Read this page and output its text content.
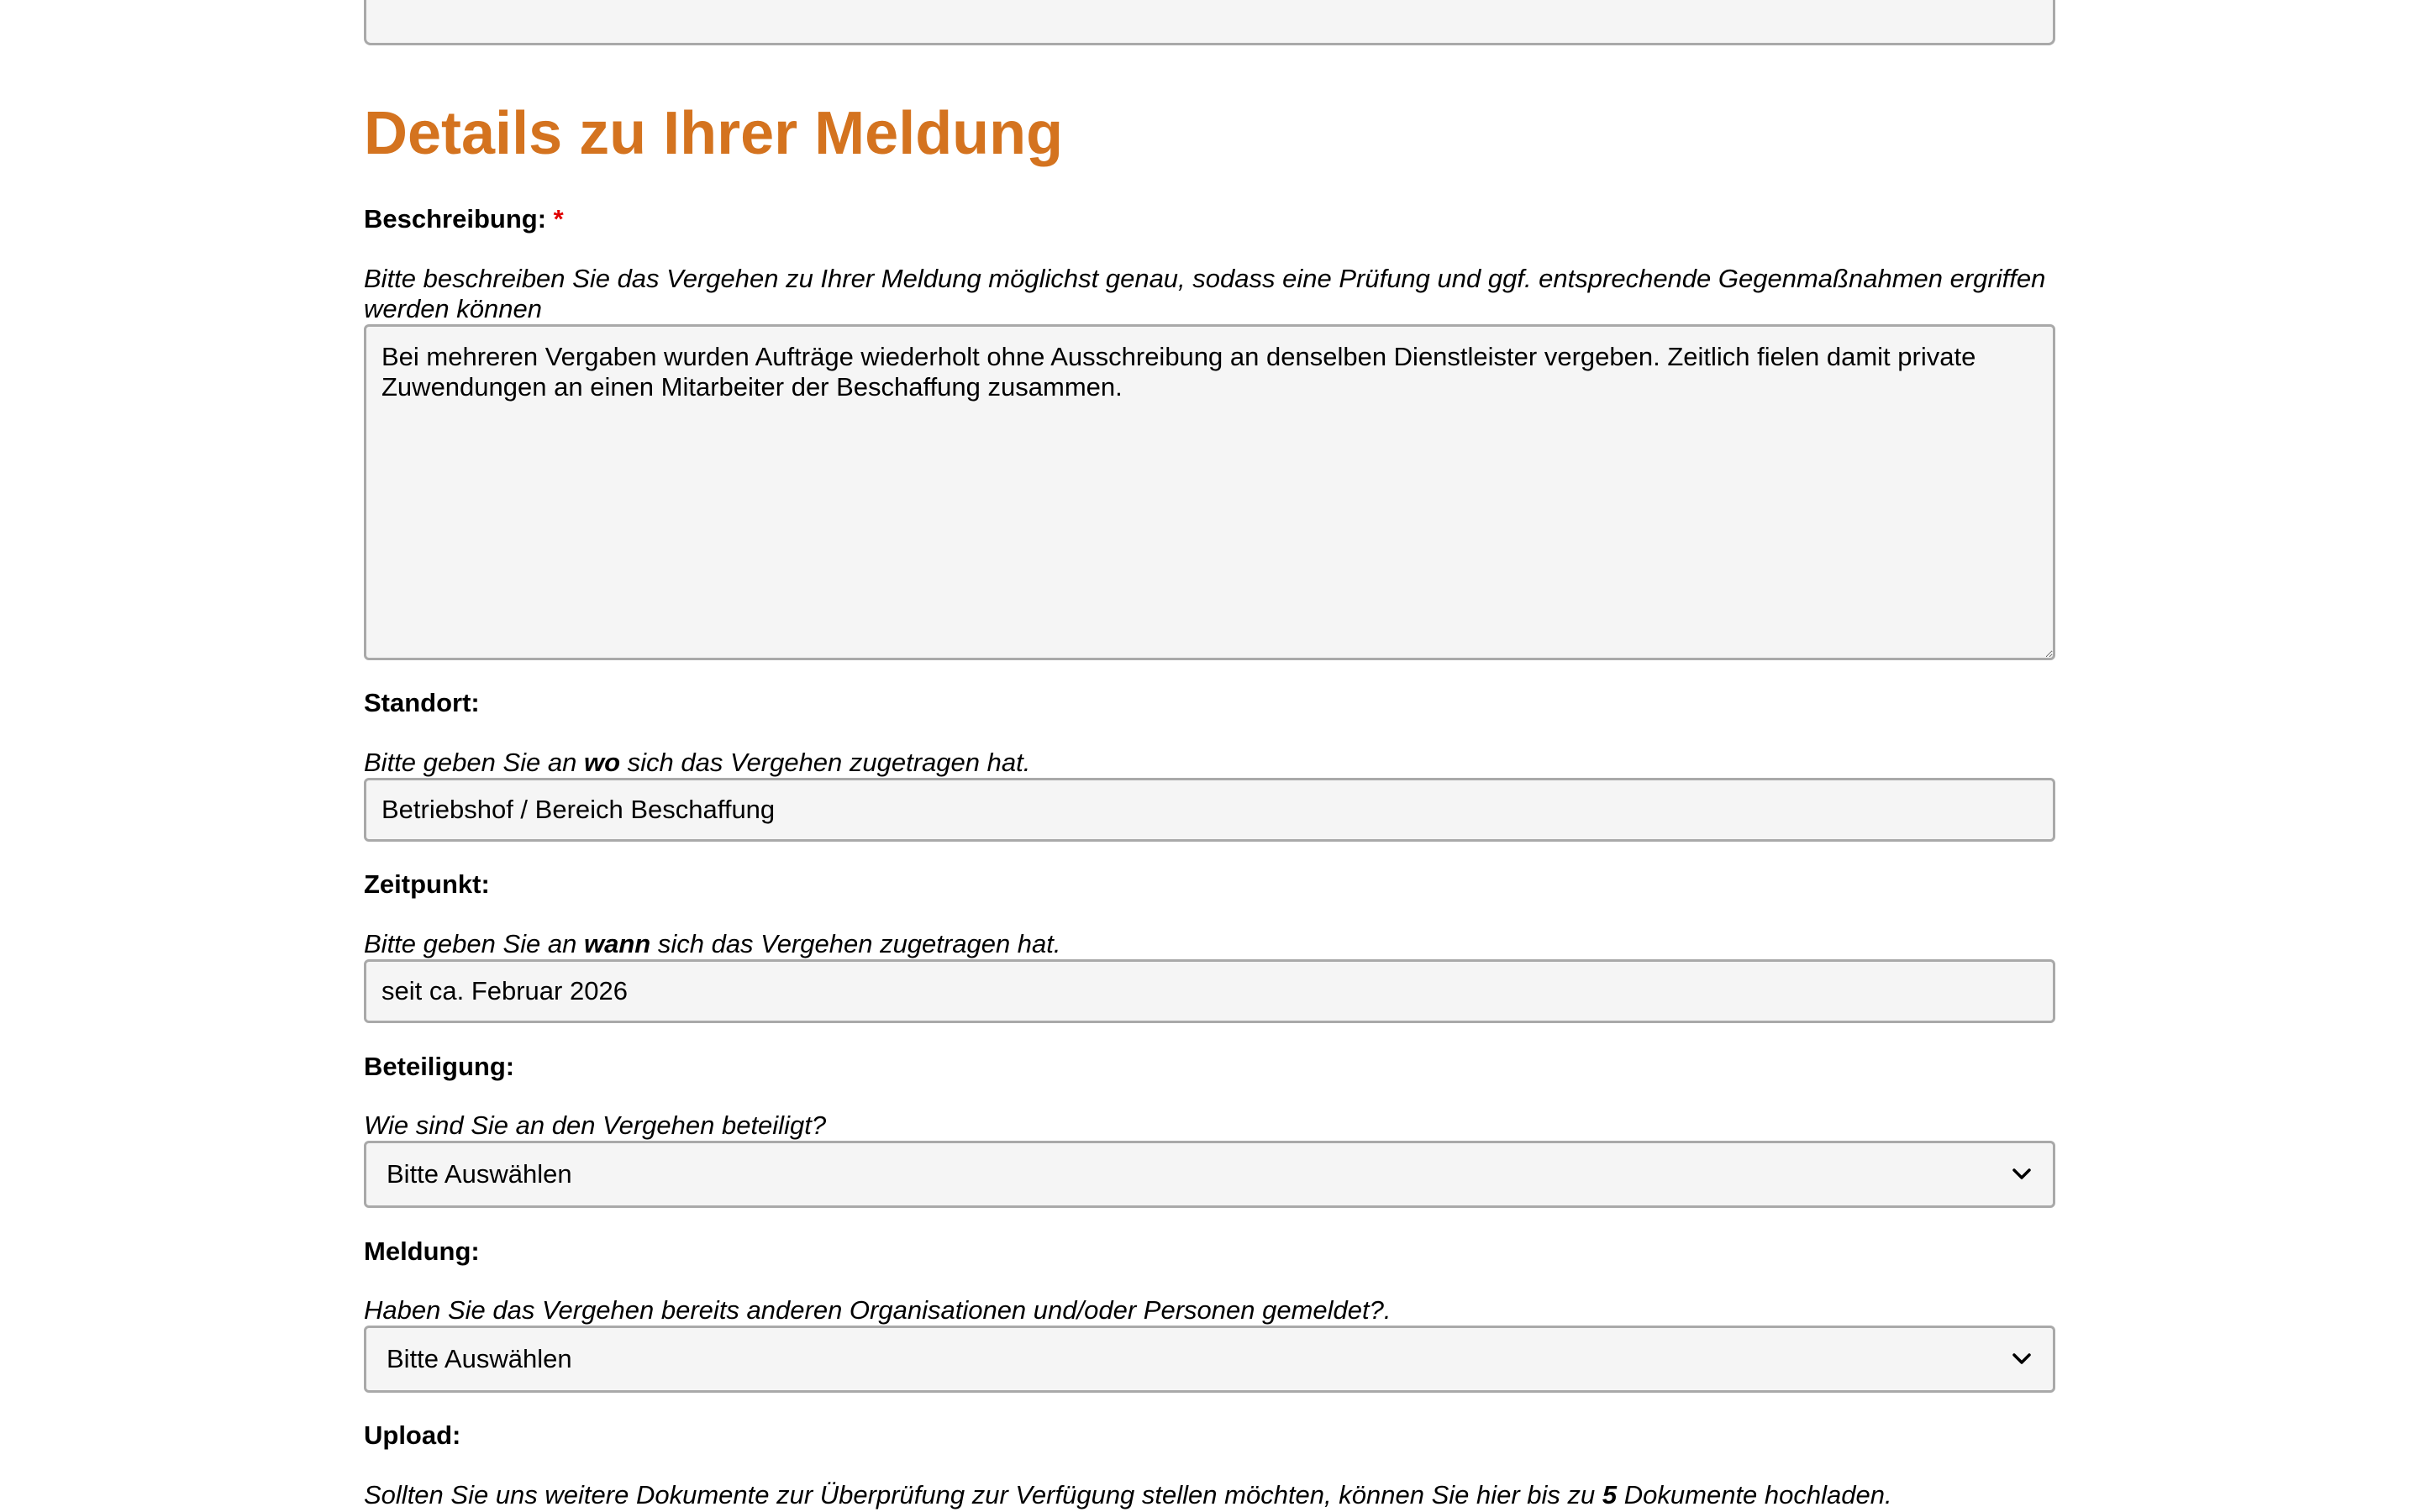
Details zu Ihrer Meldung
Beschreibung: *
Bitte beschreiben Sie das Vergehen zu Ihrer Meldung möglichst genau, sodass eine Prüfung und ggf. entsprechende Gegenmaßnahmen ergriffen werden können
Bei mehreren Vergaben wurden Aufträge wiederholt ohne Ausschreibung an denselben Dienstleister vergeben. Zeitlich fielen damit private Zuwendungen an einen Mitarbeiter der Beschaffung zusammen.
Standort:
Bitte geben Sie an wo sich das Vergehen zugetragen hat.
Betriebshof / Bereich Beschaffung
Zeitpunkt:
Bitte geben Sie an wann sich das Vergehen zugetragen hat.
seit ca. Februar 2026
Beteiligung:
Wie sind Sie an den Vergehen beteiligt?
Bitte Auswählen
Meldung:
Haben Sie das Vergehen bereits anderen Organisationen und/oder Personen gemeldet?.
Bitte Auswählen
Upload:
Sollten Sie uns weitere Dokumente zur Überprüfung zur Verfügung stellen möchten, können Sie hier bis zu 5 Dokumente hochladen.
